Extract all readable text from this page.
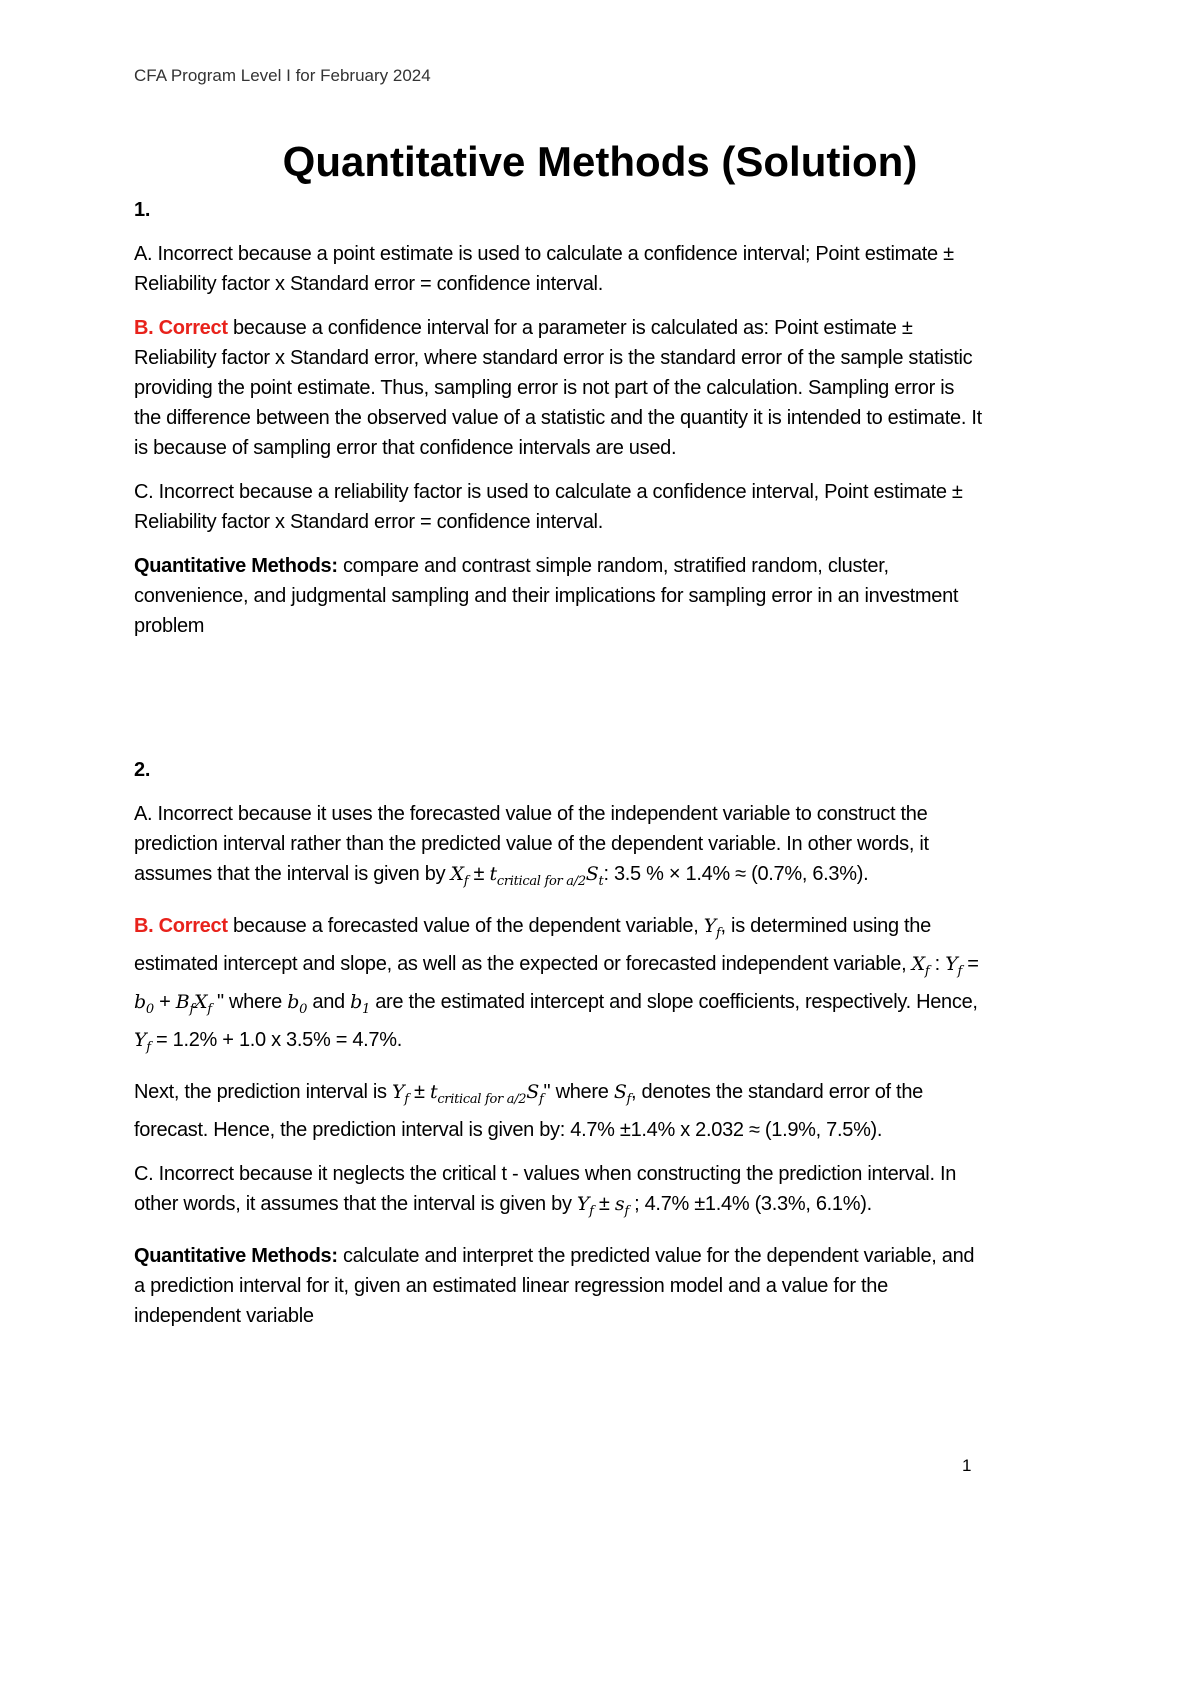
CFA Program Level I for February 2024
Quantitative Methods (Solution)
1.

A. Incorrect because a point estimate is used to calculate a confidence interval; Point estimate ± Reliability factor x Standard error = confidence interval.

B. Correct because a confidence interval for a parameter is calculated as: Point estimate ± Reliability factor x Standard error, where standard error is the standard error of the sample statistic providing the point estimate. Thus, sampling error is not part of the calculation. Sampling error is the difference between the observed value of a statistic and the quantity it is intended to estimate. It is because of sampling error that confidence intervals are used.

C. Incorrect because a reliability factor is used to calculate a confidence interval, Point estimate ± Reliability factor x Standard error = confidence interval.

Quantitative Methods: compare and contrast simple random, stratified random, cluster, convenience, and judgmental sampling and their implications for sampling error in an investment problem

2.

A. Incorrect because it uses the forecasted value of the independent variable to construct the prediction interval rather than the predicted value of the dependent variable. In other words, it assumes that the interval is given by $X_f \pm t_{critical for a/2}S_t$: 3.5 % × 1.4% ≈ (0.7%, 6.3%).

B. Correct because a forecasted value of the dependent variable, $Y_f$, is determined using the estimated intercept and slope, as well as the expected or forecasted independent variable, $X_f$ : $Y_f = b_0 + B_fX_f$ " where $b_0$ and $b_1$ are the estimated intercept and slope coefficients, respectively. Hence, $Y_f = 1.2\% + 1.0$ x 3.5% = 4.7%.

Next, the prediction interval is $Y_f \pm t_{critical for a/2}S_f$" where $S_f$, denotes the standard error of the forecast. Hence, the prediction interval is given by: 4.7% ±1.4% x 2.032 ≈ (1.9%, 7.5%).

C. Incorrect because it neglects the critical t - values when constructing the prediction interval. In other words, it assumes that the interval is given by $Y_f \pm s_f$ ; 4.7% ±1.4% (3.3%, 6.1%).

Quantitative Methods: calculate and interpret the predicted value for the dependent variable, and a prediction interval for it, given an estimated linear regression model and a value for the independent variable

1
